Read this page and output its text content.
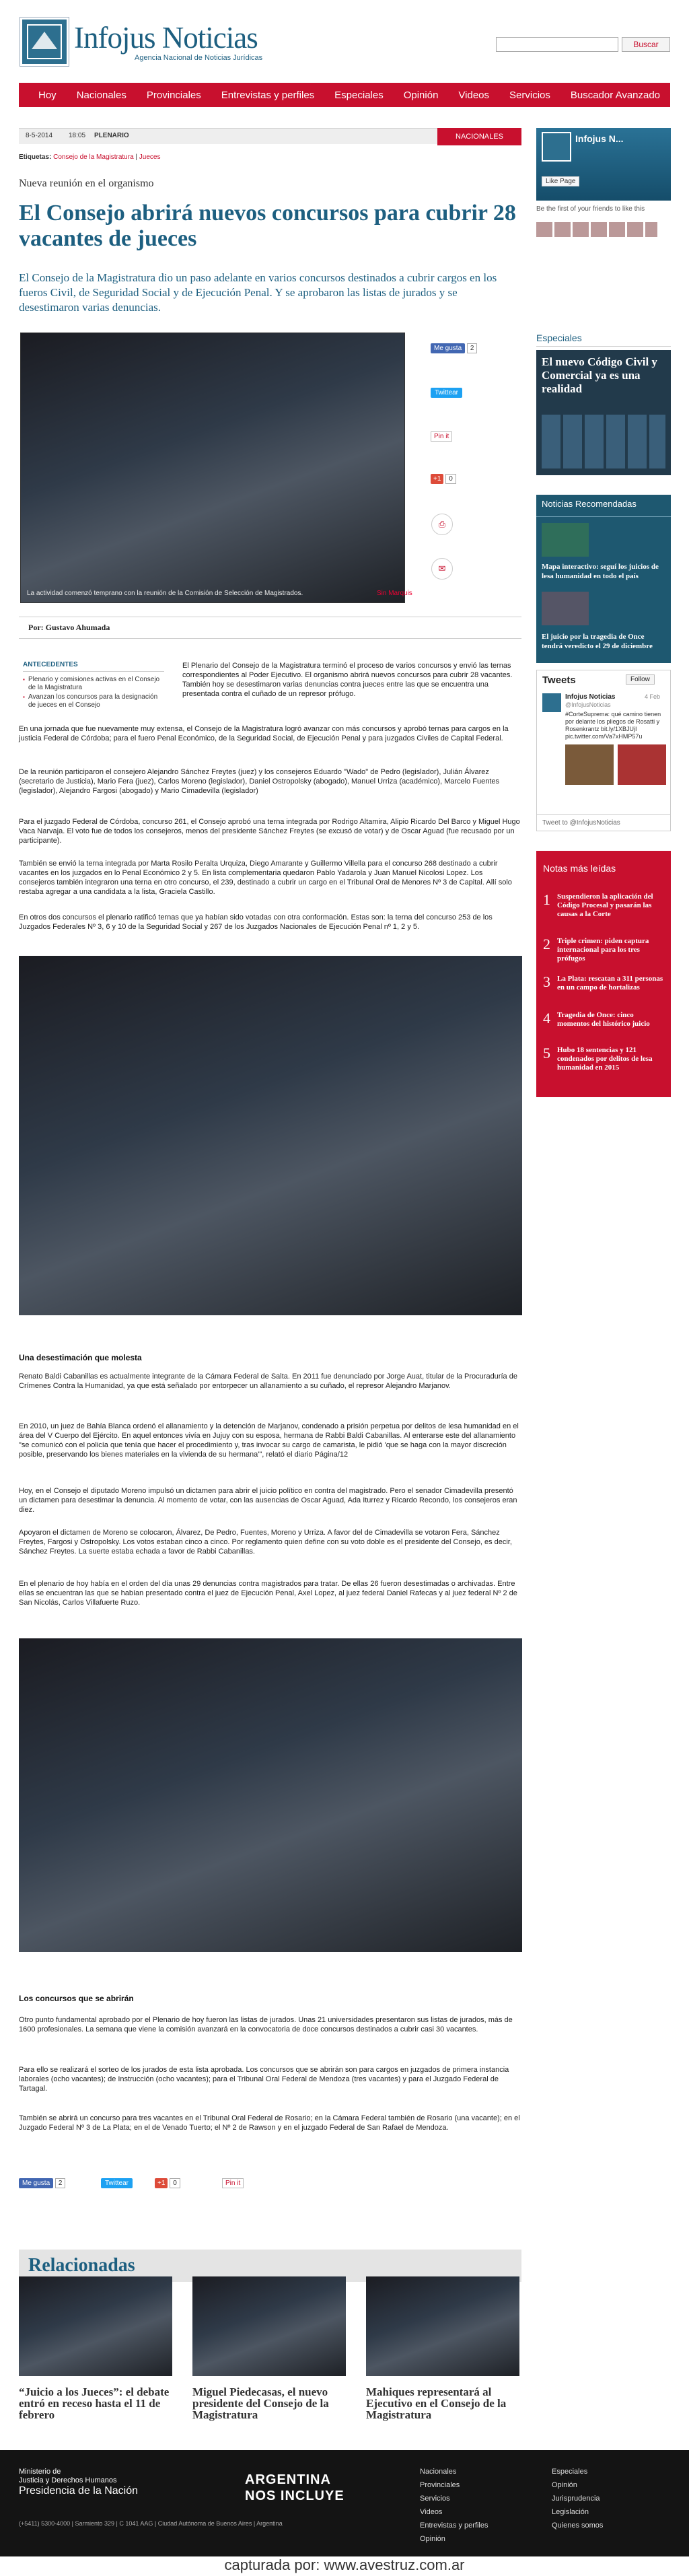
Infojus Noticias
Agencia Nacional de Noticias Jurídicas
Buscar
Hoy	Nacionales	Provinciales	Entrevistas y perfiles	Especiales	Opinión	Videos	Servicios	Buscador Avanzado
8-5-2014 18:05 PLENARIO	NACIONALES
Etiquetas: Consejo de la Magistratura | Jueces
Nueva reunión en el organismo
El Consejo abrirá nuevos concursos para cubrir 28 vacantes de jueces
El Consejo de la Magistratura dio un paso adelante en varios concursos destinados a cubrir cargos en los fueros Civil, de Seguridad Social y de Ejecución Penal. Y se aprobaron las listas de jurados y se desestimaron varias denuncias.
La actividad comenzó temprano con la reunión de la Comisión de Selección de Magistrados.	Sin Marquis
Me gusta 2
Twittear
Pin it
+1 0
⎙
✉
Por: Gustavo Ahumada
ANTECEDENTES
▪ Plenario y comisiones activas en el Consejo de la Magistratura
▪ Avanzan los concursos para la designación de jueces en el Consejo

El Plenario del Consejo de la Magistratura terminó el proceso de varios concursos y envió las ternas correspondientes al Poder Ejecutivo. El organismo abrirá nuevos concursos para cubrir 28 vacantes. También hoy se desestimaron varias denuncias contra jueces entre las que se encuentra una presentada contra el cuñado de un represor prófugo.

En una jornada que fue nuevamente muy extensa, el Consejo de la Magistratura logró avanzar con más concursos y aprobó ternas para cargos en la justicia Federal de Córdoba; para el fuero Penal Económico, de la Seguridad Social, de Ejecución Penal y para juzgados Civiles de Capital Federal.

De la reunión participaron el consejero Alejandro Sánchez Freytes (juez) y los consejeros Eduardo "Wado" de Pedro (legislador), Julián Álvarez (secretario de Justicia), Mario Fera (juez), Carlos Moreno (legislador), Daniel Ostropolsky (abogado), Manuel Urriza (académico), Marcelo Fuentes (legislador), Alejandro Fargosi (abogado) y Mario Cimadevilla (legislador)

Para el juzgado Federal de Córdoba, concurso 261, el Consejo aprobó una terna integrada por Rodrigo Altamira, Alipio Ricardo Del Barco y Miguel Hugo Vaca Narvaja. El voto fue de todos los consejeros, menos del presidente Sánchez Freytes (se excusó de votar) y de Oscar Aguad (fue recusado por un participante).

También se envió la terna integrada por Marta Rosilo Peralta Urquiza, Diego Amarante y Guillermo Villella para el concurso 268 destinado a cubrir vacantes en los juzgados en lo Penal Económico 2 y 5. En lista complementaria quedaron Pablo Yadarola y Juan Manuel Nicolosi Lopez. Los consejeros también integraron una terna en otro concurso, el 239, destinado a cubrir un cargo en el Tribunal Oral de Menores Nº 3 de Capital. Allí solo restaba agregar a una candidata a la lista, Graciela Castillo.

En otros dos concursos el plenario ratificó ternas que ya habían sido votadas con otra conformación. Estas son: la terna del concurso 253 de los Juzgados Federales Nº 3, 6 y 10 de la Seguridad Social y 267 de los Juzgados Nacionales de Ejecución Penal nº 1, 2 y 5.

Una desestimación que molesta

Renato Baldi Cabanillas es actualmente integrante de la Cámara Federal de Salta. En 2011 fue denunciado por Jorge Auat, titular de la Procuraduría de Crímenes Contra la Humanidad, ya que está señalado por entorpecer un allanamiento a su cuñado, el represor Alejandro Marjanov.

En 2010, un juez de Bahía Blanca ordenó el allanamiento y la detención de Marjanov, condenado a prisión perpetua por delitos de lesa humanidad en el área del V Cuerpo del Ejército. En aquel entonces vivía en Jujuy con su esposa, hermana de Rabbi Baldi Cabanillas. Al enterarse este del allanamiento "se comunicó con el policía que tenía que hacer el procedimiento y, tras invocar su cargo de camarista, le pidió 'que se haga con la mayor discreción posible, preservando los bienes materiales en la vivienda de su hermana'", relató el diario Página/12

Hoy, en el Consejo el diputado Moreno impulsó un dictamen para abrir el juicio político en contra del magistrado. Pero el senador Cimadevilla presentó un dictamen para desestimar la denuncia. Al momento de votar, con las ausencias de Oscar Aguad, Ada Iturrez y Ricardo Recondo, los consejeros eran diez.

Apoyaron el dictamen de Moreno se colocaron, Álvarez, De Pedro, Fuentes, Moreno y Urriza. A favor del de Cimadevilla se votaron Fera, Sánchez Freytes, Fargosi y Ostropolsky. Los votos estaban cinco a cinco. Por reglamento quien define con su voto doble es el presidente del Consejo, es decir, Sánchez Freytes. La suerte estaba echada a favor de Rabbi Cabanillas.

En el plenario de hoy había en el orden del día unas 29 denuncias contra magistrados para tratar. De ellas 26 fueron desestimadas o archivadas. Entre ellas se encuentran las que se habían presentado contra el juez de Ejecución Penal, Axel Lopez, al juez federal Daniel Rafecas y al juez federal Nº 2 de San Nicolás, Carlos Villafuerte Ruzo.

Los concursos que se abrirán

Otro punto fundamental aprobado por el Plenario de hoy fueron las listas de jurados. Unas 21 universidades presentaron sus listas de jurados, más de 1600 profesionales. La semana que viene la comisión avanzará en la convocatoria de doce concursos destinados a cubrir casi 30 vacantes.

Para ello se realizará el sorteo de los jurados de esta lista aprobada. Los concursos que se abrirán son para cargos en juzgados de primera instancia laborales (ocho vacantes); de Instrucción (ocho vacantes); para el Tribunal Oral Federal de Mendoza (tres vacantes) y para el Juzgado Federal de Tartagal.

También se abrirá un concurso para tres vacantes en el Tribunal Oral Federal de Rosario; en la Cámara Federal también de Rosario (una vacante); en el Juzgado Federal Nº 3 de La Plata; en el de Venado Tuerto; el Nº 2 de Rawson y en el juzgado Federal de San Rafael de Mendoza.

Me gusta 2	Twittear	+1 0	Pin it
Infojus N...
Like Page
Be the first of your friends to like this
Especiales
El nuevo Código Civil y Comercial ya es una realidad
Noticias Recomendadas
Mapa interactivo: seguí los juicios de lesa humanidad en todo el país
El juicio por la tragedia de Once tendrá veredicto el 29 de diciembre
Tweets	Follow
Infojus Noticias	4 Feb
@InfojusNoticias
#CorteSuprema: qué camino tienen por delante los pliegos de Rosatti y Rosenkrantz bit.ly/1XBJUjI pic.twitter.com/Va7xHMP57u
Tweet to @InfojusNoticias
Notas más leídas
1 Suspendieron la aplicación del Código Procesal y pasarán las causas a la Corte
2 Triple crimen: piden captura internacional para los tres prófugos
3 La Plata: rescatan a 311 personas en un campo de hortalizas
4 Tragedia de Once: cinco momentos del histórico juicio
5 Hubo 18 sentencias y 121 condenados por delitos de lesa humanidad en 2015
Relacionadas
“Juicio a los Jueces”: el debate entró en receso hasta el 11 de febrero
Miguel Piedecasas, el nuevo presidente del Consejo de la Magistratura
Mahiques representará al Ejecutivo en el Consejo de la Magistratura
Ministerio de
Justicia y Derechos Humanos
Presidencia de la Nación
ARGENTINA
NOS INCLUYE
(+5411) 5300-4000 | Sarmiento 329 | C 1041 AAG | Ciudad Autónoma de Buenos Aires | Argentina
Nacionales
Provinciales
Servicios
Videos
Entrevistas y perfiles
Opinión
Especiales
Opinión
Jurisprudencia
Legislación
Quienes somos
capturada por: www.avestruz.com.ar
